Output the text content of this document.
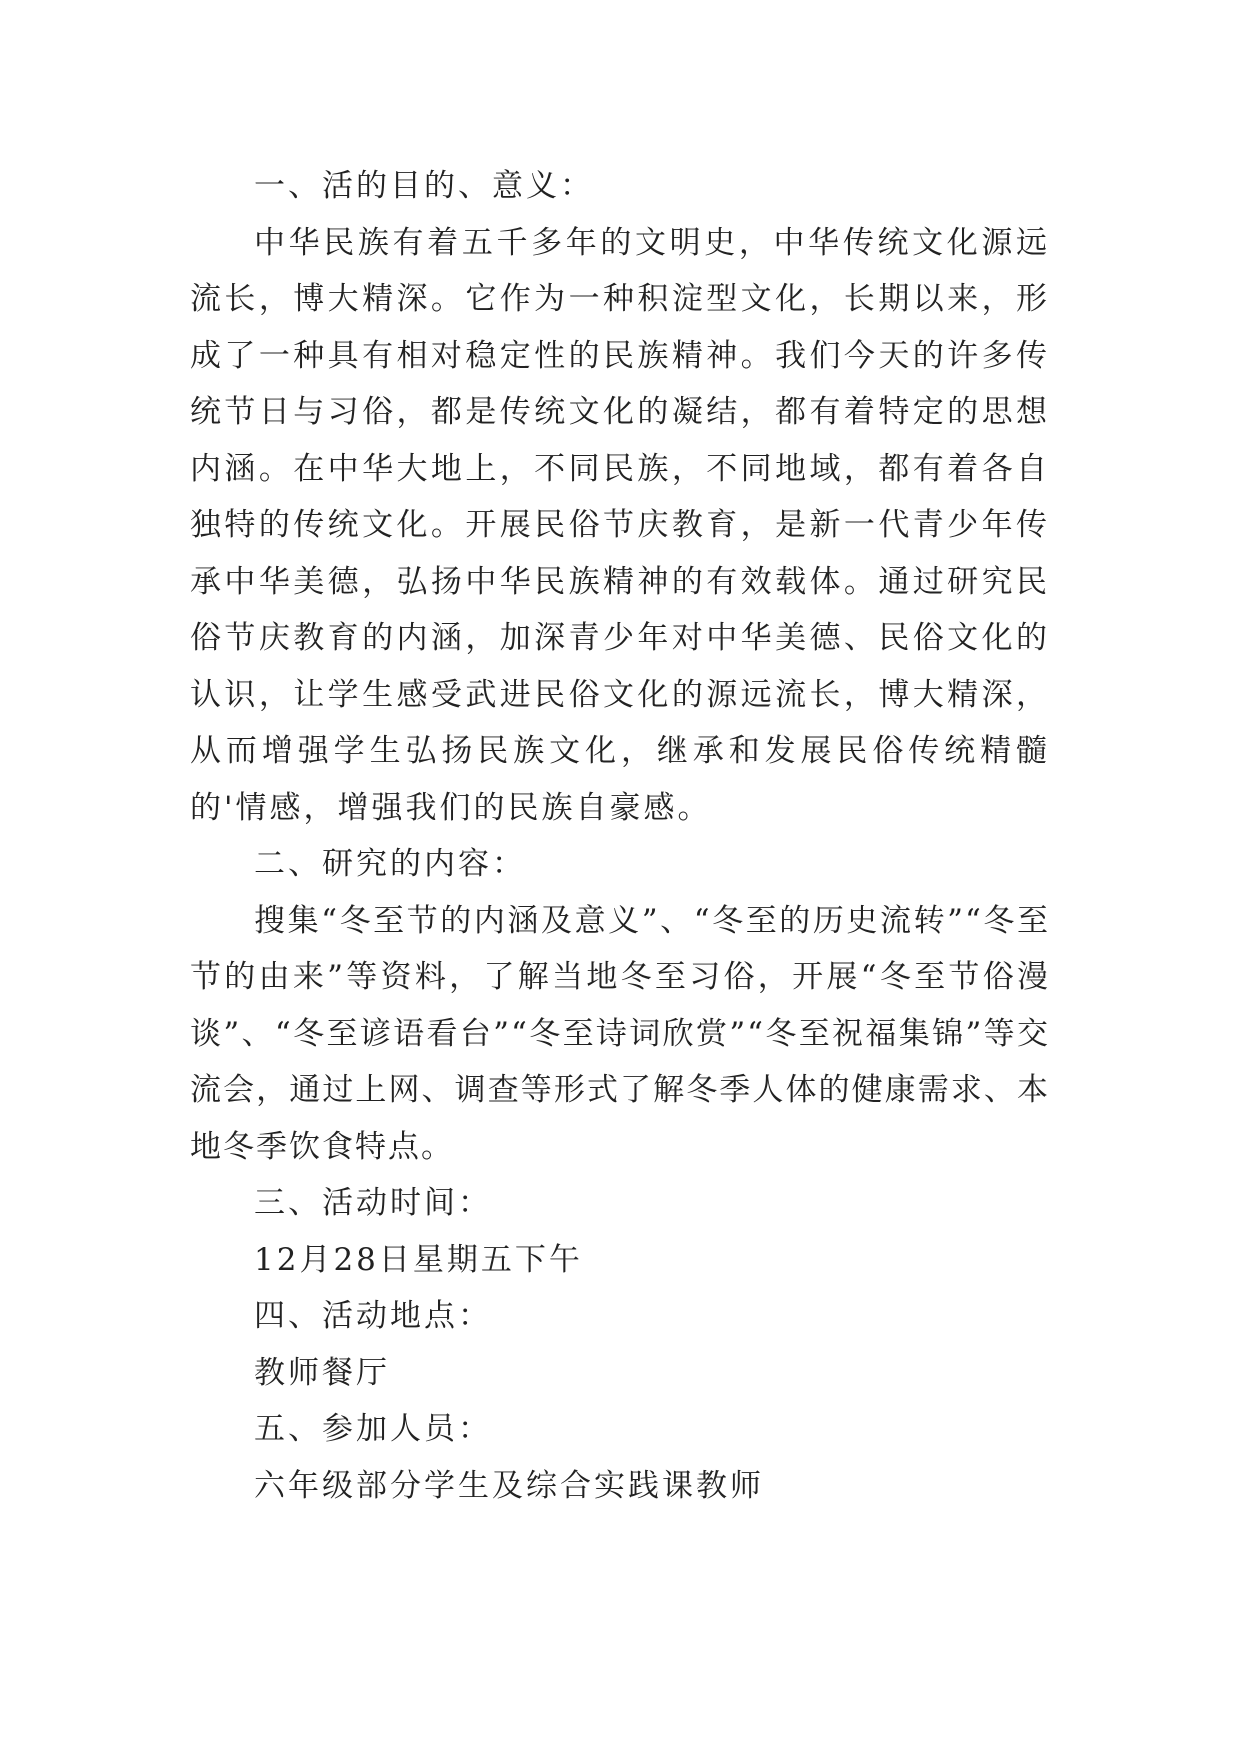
一、活的目的、意义：

中华民族有着五千多年的文明史，中华传统文化源远流长，博大精深。它作为一种积淀型文化，长期以来，形成了一种具有相对稳定性的民族精神。我们今天的许多传统节日与习俗，都是传统文化的凝结，都有着特定的思想内涵。在中华大地上，不同民族，不同地域，都有着各自独特的传统文化。开展民俗节庆教育，是新一代青少年传承中华美德，弘扬中华民族精神的有效载体。通过研究民俗节庆教育的内涵，加深青少年对中华美德、民俗文化的认识，让学生感受武进民俗文化的源远流长，博大精深，从而增强学生弘扬民族文化，继承和发展民俗传统精髓的'情感，增强我们的民族自豪感。

二、研究的内容：

搜集“冬至节的内涵及意义”、“冬至的历史流转”“冬至节的由来”等资料，了解当地冬至习俗，开展“冬至节俗漫谈”、“冬至谚语看台”“冬至诗词欣赏”“冬至祝福集锦”等交流会，通过上网、调查等形式了解冬季人体的健康需求、本地冬季饮食特点。

三、活动时间：

12月28日星期五下午

四、活动地点：

教师餐厅

五、参加人员：

六年级部分学生及综合实践课教师
